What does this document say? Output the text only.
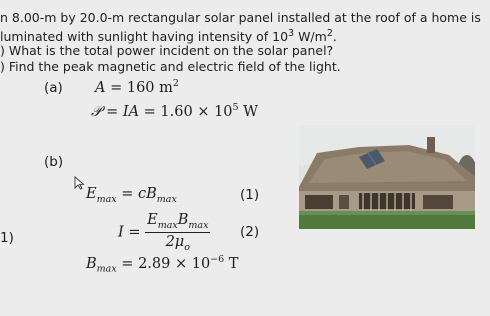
n 8.00-m by 20.0-m rectangular solar panel installed at the roof of a home is
luminated with sunlight having intensity of $10^3$ $W/m^2$.
) What is the total power incident on the solar panel?
) Find the peak magnetic and electric field of the light.
(a) A = 160 $m^2$
𝒫 = IA = $1.60 \times 10^5$ W
(b)
$E_{max} = cB_{max}$	(1)
1)	$I = \frac{E_{max}B_{max}}{2\mu_o} (2)$
$B_{max} = 2.89 \times 10^{-6}$ T
